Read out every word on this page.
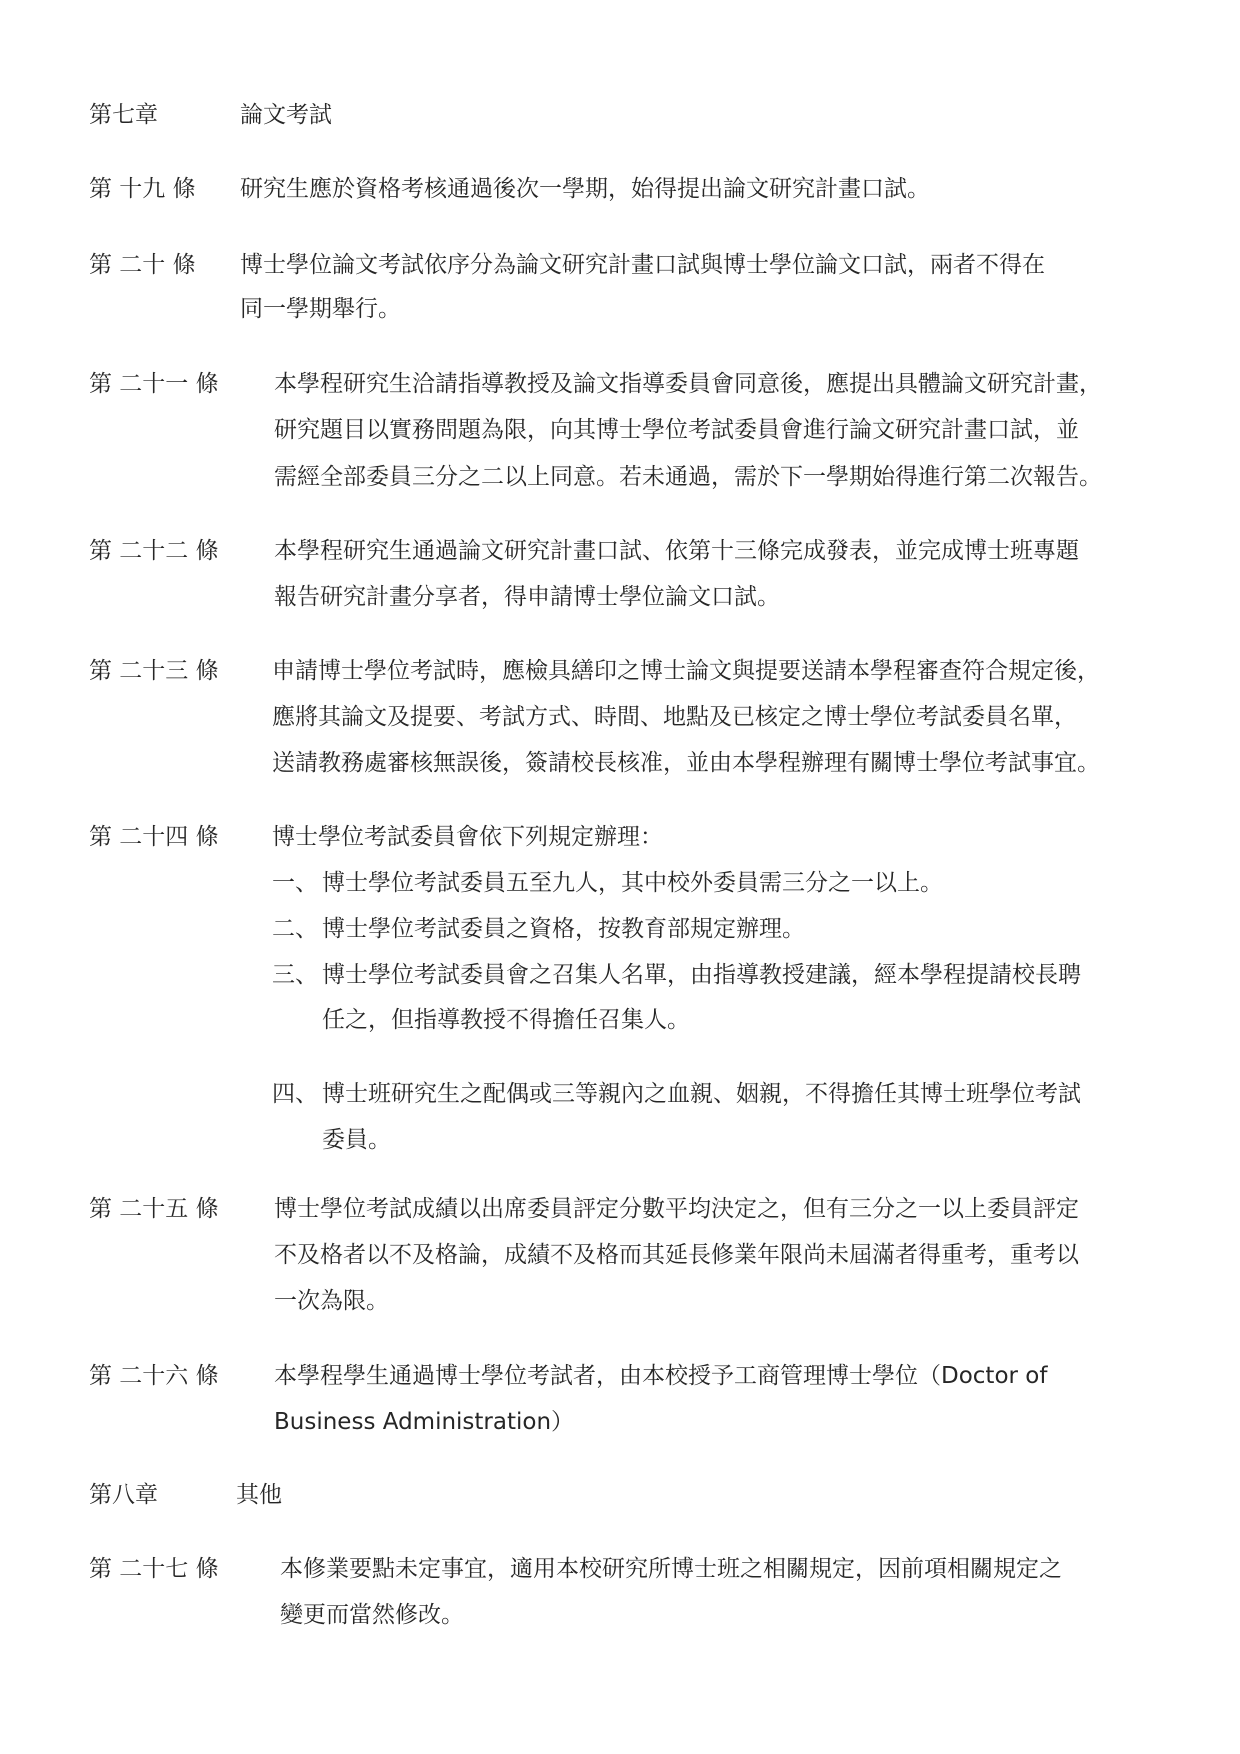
第七章	論文考試
第 十九 條 研究生應於資格考核通過後次一學期，始得提出論文研究計畫口試。
第 二十 條 博士學位論文考試依序分為論文研究計畫口試與博士學位論文口試，兩者不得在
同一學期舉行。
第 二十一 條 本學程研究生洽請指導教授及論文指導委員會同意後，應提出具體論文研究計畫，
研究題目以實務問題為限，向其博士學位考試委員會進行論文研究計畫口試，並
需經全部委員三分之二以上同意。若未通過，需於下一學期始得進行第二次報告。
第 二十二 條 本學程研究生通過論文研究計畫口試、依第十三條完成發表，並完成博士班專題
報告研究計畫分享者，得申請博士學位論文口試。
第 二十三 條 申請博士學位考試時，應檢具繕印之博士論文與提要送請本學程審查符合規定後，
應將其論文及提要、考試方式、時間、地點及已核定之博士學位考試委員名單，
送請教務處審核無誤後，簽請校長核准，並由本學程辦理有關博士學位考試事宜。
第 二十四 條 博士學位考試委員會依下列規定辦理：
一、 博士學位考試委員五至九人，其中校外委員需三分之一以上。
二、 博士學位考試委員之資格，按教育部規定辦理。
三、 博士學位考試委員會之召集人名單，由指導教授建議，經本學程提請校長聘
任之，但指導教授不得擔任召集人。
四、 博士班研究生之配偶或三等親內之血親、姻親，不得擔任其博士班學位考試
委員。
第 二十五 條 博士學位考試成績以出席委員評定分數平均決定之，但有三分之一以上委員評定
不及格者以不及格論，成績不及格而其延長修業年限尚未屆滿者得重考，重考以
一次為限。
第 二十六 條 本學程學生通過博士學位考試者，由本校授予工商管理博士學位（Doctor of
Business Administration）
第八章	其他
第 二十七 條	本修業要點未定事宜，適用本校研究所博士班之相關規定，因前項相關規定之
變更而當然修改。
